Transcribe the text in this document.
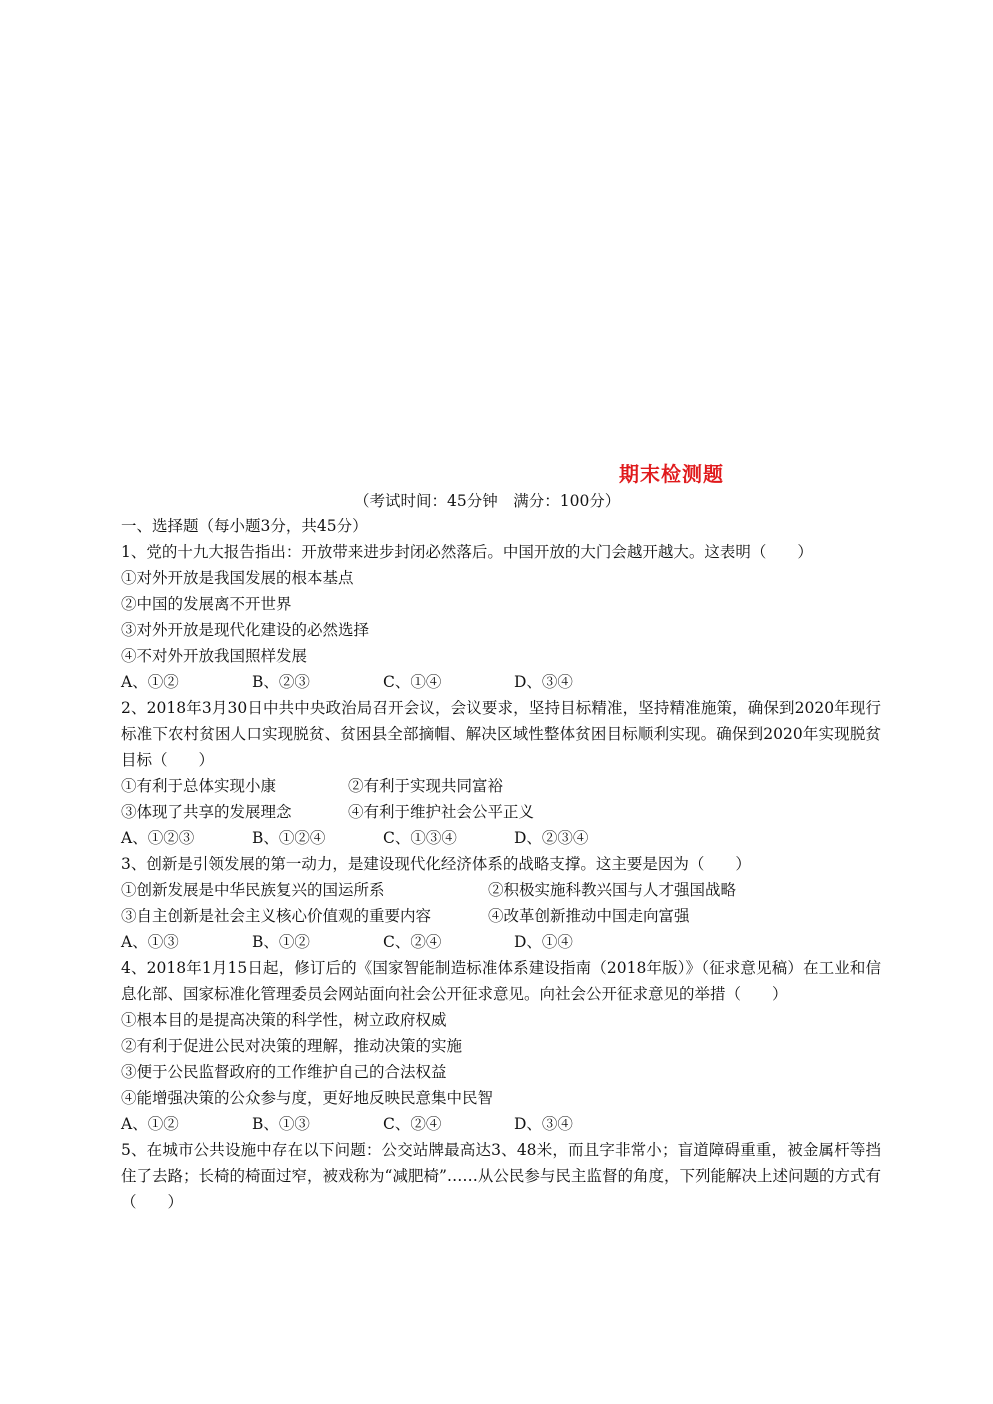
期末检测题
（考试时间：45分钟　满分：100分）
一、选择题（每小题3分，共45分）
1、党的十九大报告指出：开放带来进步封闭必然落后。中国开放的大门会越开越大。这表明（　　）
①对外开放是我国发展的根本基点
②中国的发展离不开世界
③对外开放是现代化建设的必然选择
④不对外开放我国照样发展
A、①②	B、②③	C、①④	D、③④
2、2018年3月30日中共中央政治局召开会议，会议要求，坚持目标精准，坚持精准施策，确保到2020年现行标准下农村贫困人口实现脱贫、贫困县全部摘帽、解决区域性整体贫困目标顺利实现。确保到2020年实现脱贫目标（　　）
①有利于总体实现小康	②有利于实现共同富裕
③体现了共享的发展理念	④有利于维护社会公平正义
A、①②③	B、①②④	C、①③④	D、②③④
3、创新是引领发展的第一动力，是建设现代化经济体系的战略支撑。这主要是因为（　　）
①创新发展是中华民族复兴的国运所系	②积极实施科教兴国与人才强国战略
③自主创新是社会主义核心价值观的重要内容	④改革创新推动中国走向富强
A、①③	B、①②	C、②④	D、①④
4、2018年1月15日起，修订后的《国家智能制造标准体系建设指南（2018年版）》（征求意见稿）在工业和信息化部、国家标准化管理委员会网站面向社会公开征求意见。向社会公开征求意见的举措（　　）
①根本目的是提高决策的科学性，树立政府权威
②有利于促进公民对决策的理解，推动决策的实施
③便于公民监督政府的工作维护自己的合法权益
④能增强决策的公众参与度，更好地反映民意集中民智
A、①②	B、①③	C、②④	D、③④
5、在城市公共设施中存在以下问题：公交站牌最高达3、48米，而且字非常小；盲道障碍重重，被金属杆等挡住了去路；长椅的椅面过窄，被戏称为“减肥椅”……从公民参与民主监督的角度，下列能解决上述问题的方式有（　　）
